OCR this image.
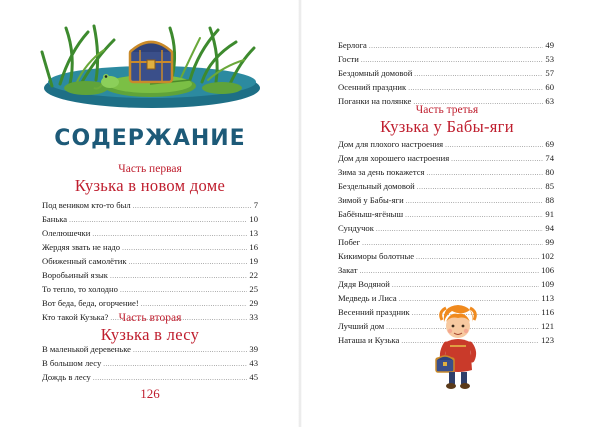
СОДЕРЖАНИЕ
Часть первая
Кузька в новом доме
Под веником кто-то был .....	7
Банька .....	10
Олелюшечки .....	13
Жердяя звать не надо .....	16
Обиженный самолётик .....	19
Воробьиный язык .....	22
То тепло, то холодно .....	25
Вот беда, беда, огорчение! .....	29
Кто такой Кузька? .....	33
Часть вторая
Кузька в лесу
В маленькой деревеньке .....	39
В большом лесу .....	43
Дождь в лесу .....	45
126
Берлога .....	49
Гости .....	53
Бездомный домовой .....	57
Осенний праздник .....	60
Поганки на полянке .....	63
Часть третья
Кузька у Бабы-яги
Дом для плохого настроения .....	69
Дом для хорошего настроения .....	74
Зима за день покажется .....	80
Бездельный домовой .....	85
Зимой у Бабы-яги .....	88
Бабёныш-ягёныш .....	91
Сундучок .....	94
Побег .....	99
Кикиморы болотные .....	102
Закат .....	106
Дядя Водяной .....	109
Медведь и Лиса .....	113
Весенний праздник .....	116
Лучший дом .....	121
Наташа и Кузька .....	123
